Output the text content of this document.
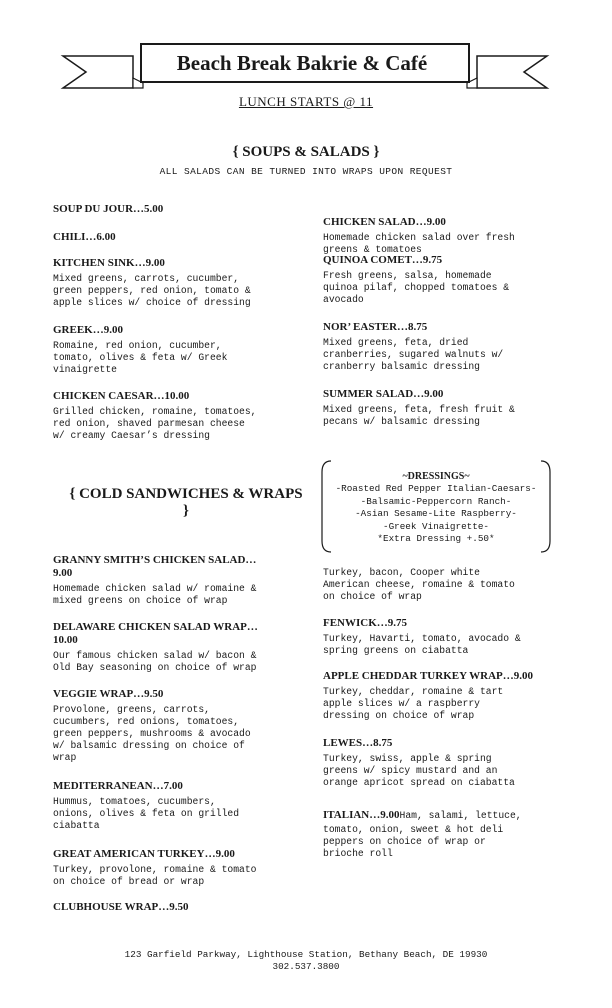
Beach Break Bakrie & Café
LUNCH STARTS @ 11
{ SOUPS & SALADS }
ALL SALADS CAN BE TURNED INTO WRAPS UPON REQUEST
SOUP DU JOUR…5.00
CHILI…6.00
KITCHEN SINK…9.00
Mixed greens, carrots, cucumber,
green peppers, red onion, tomato &
apple slices w/ choice of dressing
GREEK…9.00
Romaine, red onion, cucumber,
tomato, olives & feta w/ Greek
vinaigrette
CHICKEN CAESAR…10.00
Grilled chicken, romaine, tomatoes,
red onion, shaved parmesan cheese
w/ creamy Caesar’s dressing
CHICKEN SALAD…9.00
Homemade chicken salad over fresh
greens & tomatoes
QUINOA COMET…9.75
Fresh greens, salsa, homemade
quinoa pilaf, chopped tomatoes &
avocado
NOR’ EASTER…8.75
Mixed greens, feta, dried
cranberries, sugared walnuts w/
cranberry balsamic dressing
SUMMER SALAD…9.00
Mixed greens, feta, fresh fruit &
pecans w/ balsamic dressing
~DRESSINGS~
-Roasted Red Pepper Italian-Caesars-
-Balsamic-Peppercorn Ranch-
-Asian Sesame-Lite Raspberry-
-Greek Vinaigrette-
*Extra Dressing +.50*
{ COLD SANDWICHES & WRAPS
}
GRANNY SMITH’S CHICKEN SALAD…
9.00
Homemade chicken salad w/ romaine &
mixed greens on choice of wrap
DELAWARE CHICKEN SALAD WRAP…
10.00
Our famous chicken salad w/ bacon &
Old Bay seasoning on choice of wrap
VEGGIE WRAP…9.50
Provolone, greens, carrots,
cucumbers, red onions, tomatoes,
green peppers, mushrooms & avocado
w/ balsamic dressing on choice of
wrap
MEDITERRANEAN…7.00
Hummus, tomatoes, cucumbers,
onions, olives & feta on grilled
ciabatta
GREAT AMERICAN TURKEY…9.00
Turkey, provolone, romaine & tomato
on choice of bread or wrap
CLUBHOUSE WRAP…9.50
Turkey, bacon, Cooper white
American cheese, romaine & tomato
on choice of wrap
FENWICK…9.75
Turkey, Havarti, tomato, avocado &
spring greens on ciabatta
APPLE CHEDDAR TURKEY WRAP…9.00
Turkey, cheddar, romaine & tart
apple slices w/ a raspberry
dressing on choice of wrap
LEWES…8.75
Turkey, swiss, apple & spring
greens w/ spicy mustard and an
orange apricot spread on ciabatta
ITALIAN…9.00Ham, salami, lettuce,
tomato, onion, sweet & hot deli
peppers on choice of wrap or
brioche roll
123 Garfield Parkway, Lighthouse Station, Bethany Beach, DE 19930
302.537.3800
